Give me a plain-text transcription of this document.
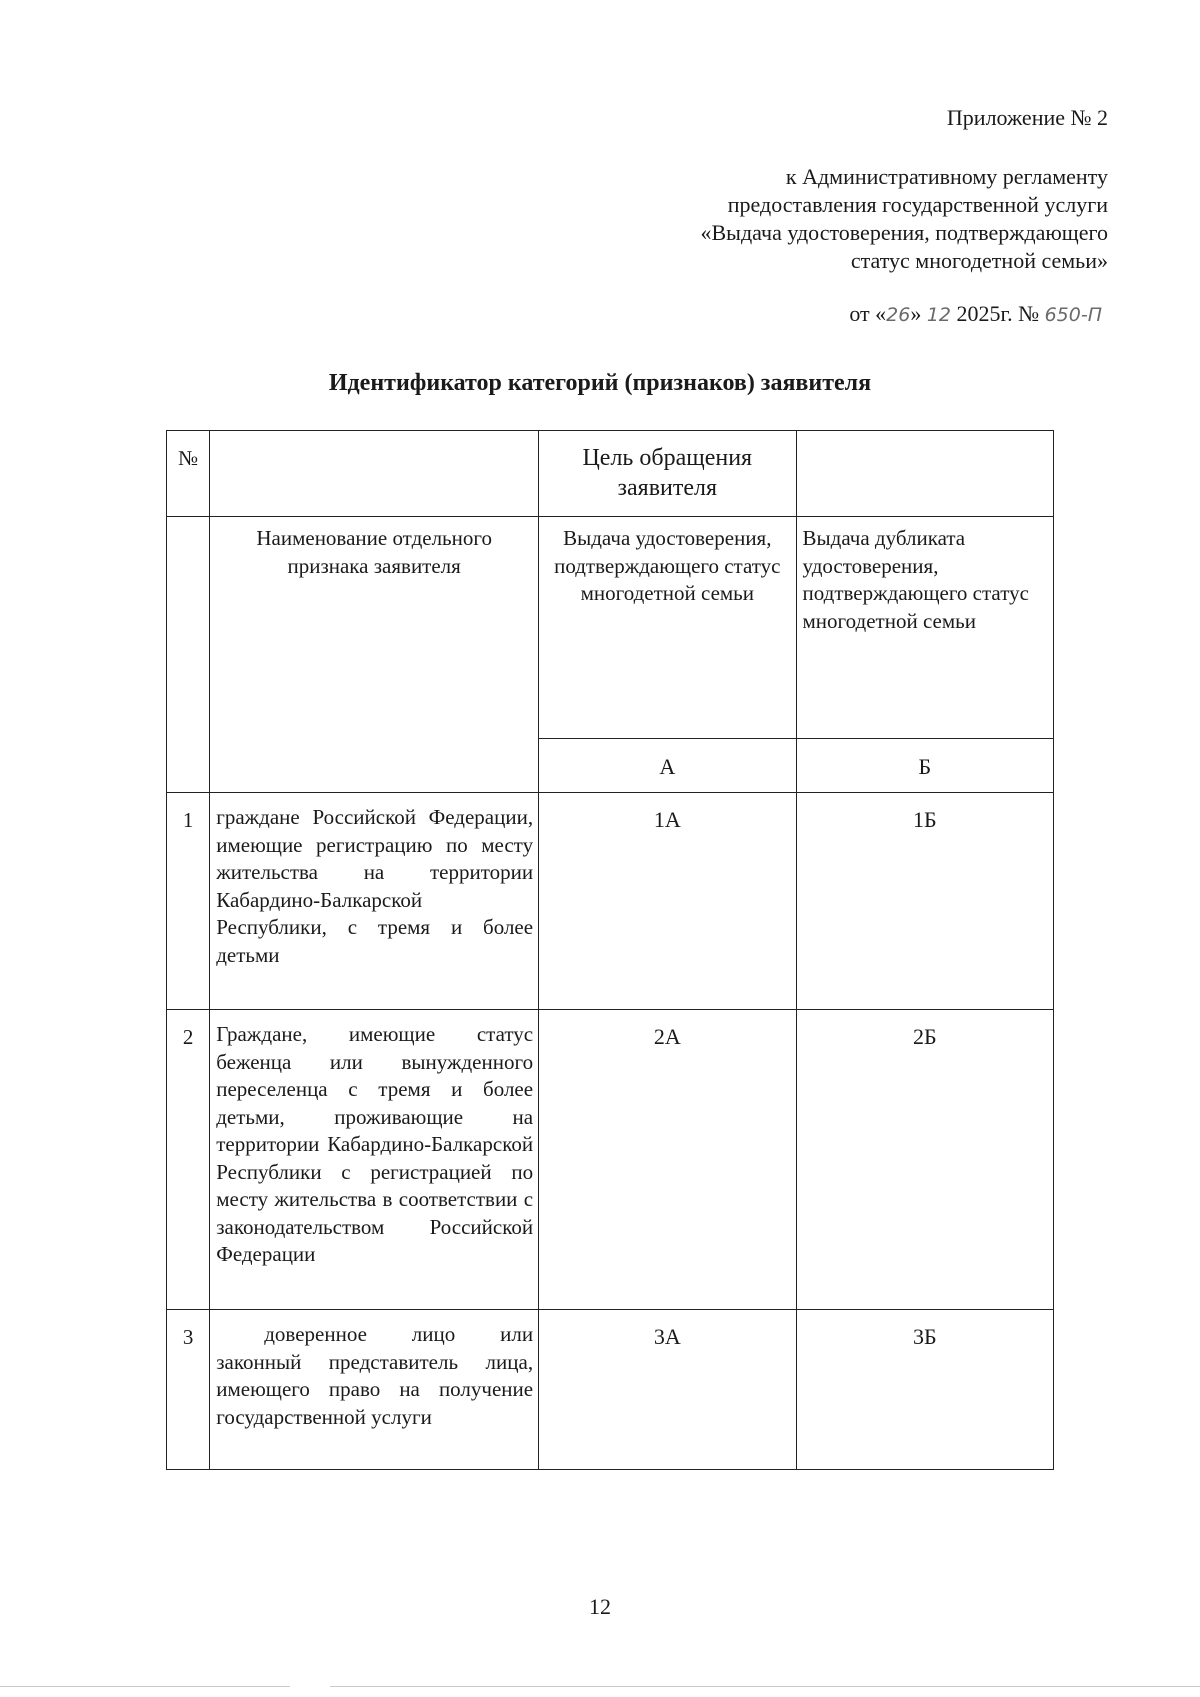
Приложение № 2
к Административному регламенту
предоставления государственной услуги
«Выдача удостоверения, подтверждающего
статус многодетной семьи»
от «26» 12 2025г. № 650-П
Идентификатор категорий (признаков) заявителя
№		Цель обращения заявителя	
	Наименование отдельного признака заявителя	Выдача удостоверения, подтверждающего статус многодетной семьи	Выдача дубликата удостоверения, подтверждающего статус многодетной семьи
		А	Б
1	граждане Российской Федерации, имеющие регистрацию по месту жительства на территории Кабардино-Балкарской Республики, с тремя и более детьми	1А	1Б
2	Граждане, имеющие статус беженца или вынужденного переселенца с тремя и более детьми, проживающие на территории Кабардино-Балкарской Республики с регистрацией по месту жительства в соответствии с законодательством Российской Федерации	2А	2Б
3	доверенное лицо или законный представитель лица, имеющего право на получение государственной услуги	3А	3Б
12
